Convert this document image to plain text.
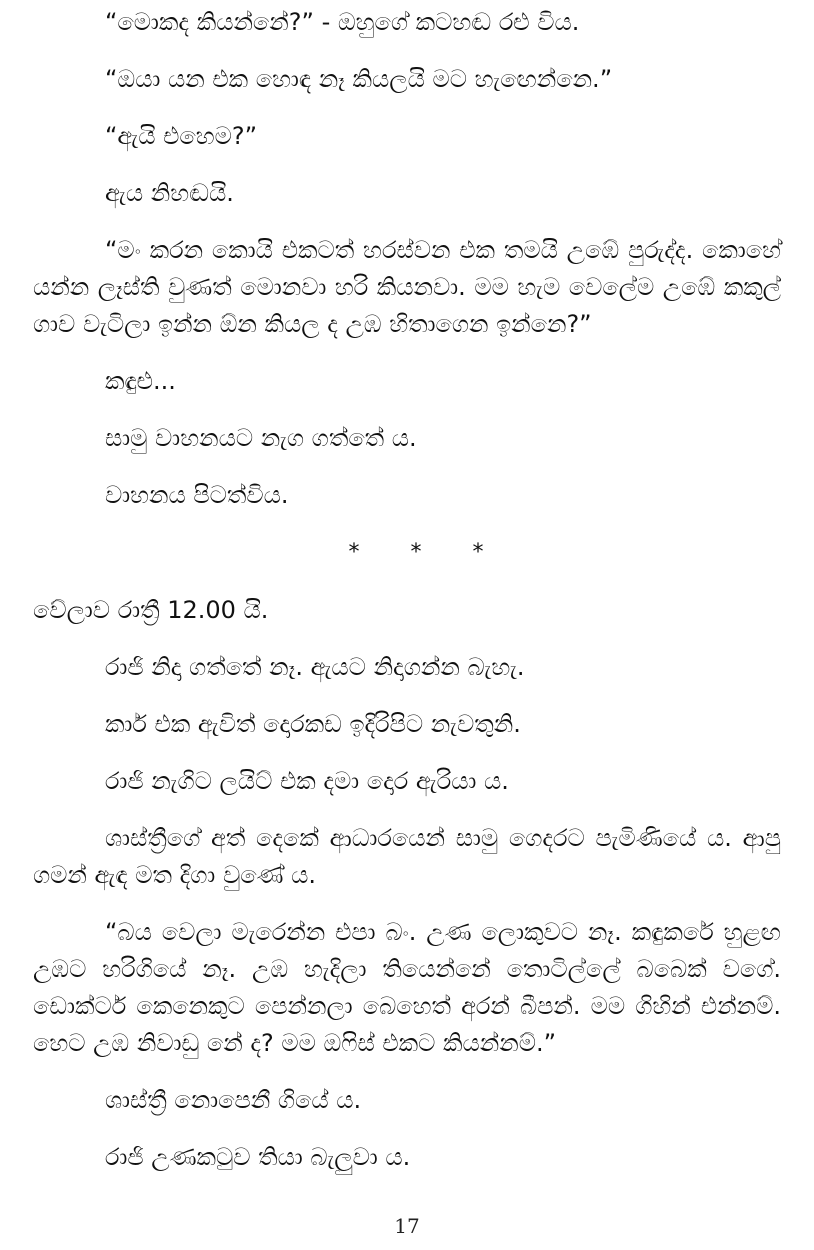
“මොකද කියන්නේ?” - ඔහුගේ කටහඬ රළු විය.

“ඔයා යන එක හොඳ නෑ කියලයි මට හැඟෙන්නෙ.”

“ඇයි එහෙම?”

ඇය නිහඬයි.

“මං කරන කොයි එකටත් හරස්වන එක තමයි උඹේ පුරුද්ද. කොහේ යන්න ලෑස්ති වුණත් මොනවා හරි කියනවා. මම හැම වෙලේම උඹේ කකුල් ගාව වැටිලා ඉන්න ඕන කියල ද උඹ හිතාගෙන ඉන්නෙ?”

කඳුළු...

සාමු වාහනයට නැග ගත්තේ ය.

වාහනය පිටත්විය.

* * *

වේලාව රාත්‍රී 12.00 යි.

රාජි නිදා ගත්තේ නෑ. ඇයට නිදාගන්න බැහැ.

කාර් එක ඇවිත් දොරකඩ ඉදිරිපිට නැවතුනි.

රාජි නැගිට ලයිට් එක දමා දොර ඇරියා ය.

ශාස්ත්‍රීගේ අත් දෙකේ ආධාරයෙන් සාමු ගෙදරට පැමිණියේ ය. ආපු ගමන් ඇඳ මත දිගා වුණේ ය.

“බය වෙලා මැරෙන්න එපා බං. උණ ලොකුවට නෑ. කඳුකරේ හුළඟ උඹට හරිගියේ නෑ. උඹ හැදිලා තියෙන්නේ තොටිල්ලේ බබෙක් වගේ. ඩොක්ටර් කෙනෙකුට පෙන්නලා බෙහෙත් අරන් බීපන්. මම ගිහින් එන්නම්. හෙට උඹ නිවාඩු නේ ද? මම ඔෆිස් එකට කියන්නම්.”

ශාස්ත්‍රී නොපෙනී ගියේ ය.

රාජි උණකටුව තියා බැලුවා ය.

17
